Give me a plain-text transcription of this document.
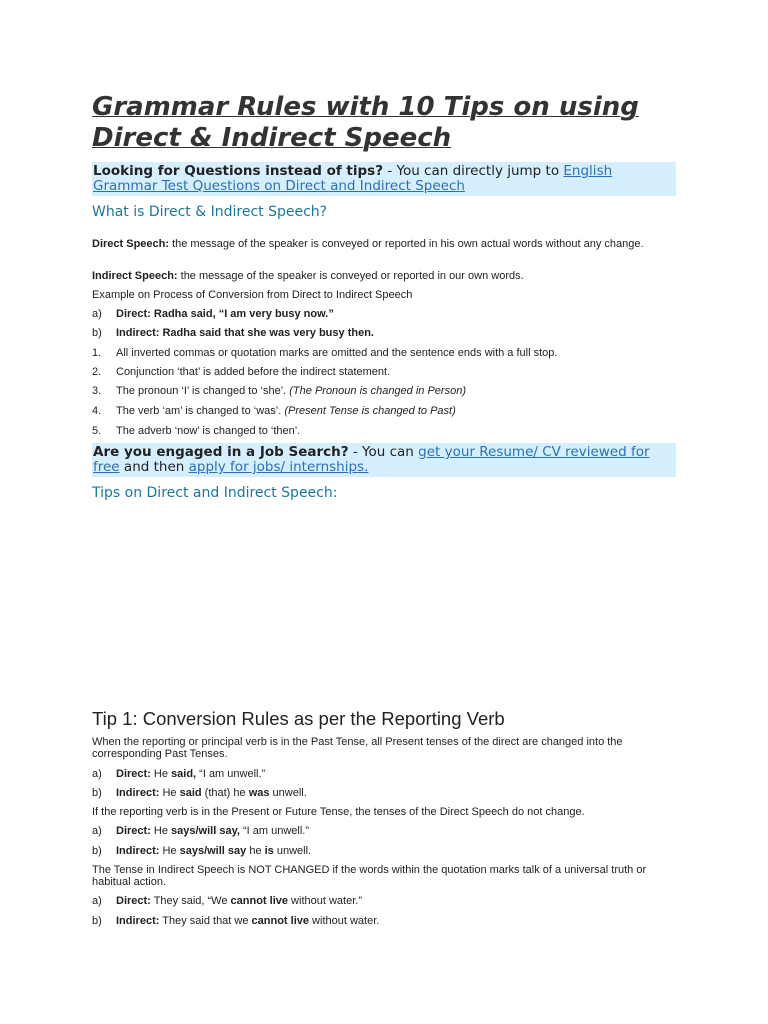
Grammar Rules with 10 Tips on using Direct & Indirect Speech
Looking for Questions instead of tips? - You can directly jump to English Grammar Test Questions on Direct and Indirect Speech
What is Direct & Indirect Speech?

Direct Speech: the message of the speaker is conveyed or reported in his own actual words without any change.

Indirect Speech: the message of the speaker is conveyed or reported in our own words.

Example on Process of Conversion from Direct to Indirect Speech

a) Direct: Radha said, “I am very busy now.”
b) Indirect: Radha said that she was very busy then.
1. All inverted commas or quotation marks are omitted and the sentence ends with a full stop.
2. Conjunction ‘that’ is added before the indirect statement.
3. The pronoun ‘I’ is changed to ‘she’. (The Pronoun is changed in Person)
4. The verb ‘am’ is changed to ‘was’. (Present Tense is changed to Past)
5. The adverb ‘now’ is changed to ‘then’.
Are you engaged in a Job Search? - You can get your Resume/ CV reviewed for free and then apply for jobs/ internships.
Tips on Direct and Indirect Speech:
Tip 1: Conversion Rules as per the Reporting Verb

When the reporting or principal verb is in the Past Tense, all Present tenses of the direct are changed into the corresponding Past Tenses.

a) Direct: He said, “I am unwell.”
b) Indirect: He said (that) he was unwell.

If the reporting verb is in the Present or Future Tense, the tenses of the Direct Speech do not change.

a) Direct: He says/will say, “I am unwell.”
b) Indirect: He says/will say he is unwell.

The Tense in Indirect Speech is NOT CHANGED if the words within the quotation marks talk of a universal truth or habitual action.

a) Direct: They said, “We cannot live without water.”
b) Indirect: They said that we cannot live without water.
